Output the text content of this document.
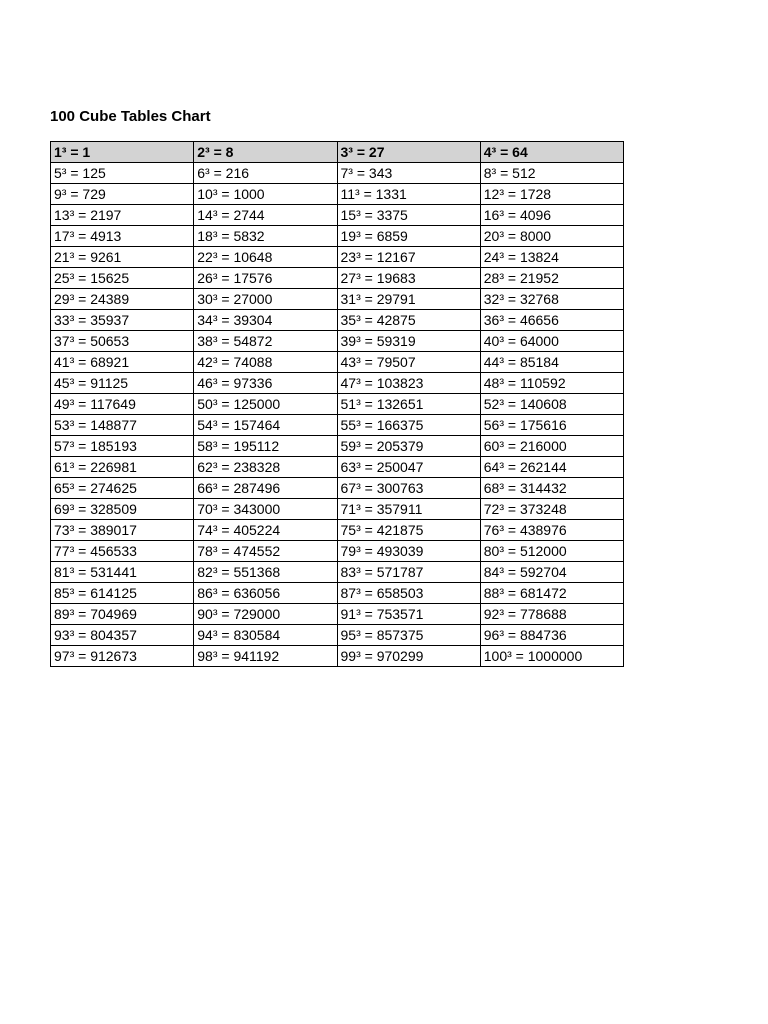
100 Cube Tables Chart
1³ = 1	2³ = 8	3³ = 27	4³ = 64
5³ = 125	6³ = 216	7³ = 343	8³ = 512
9³ = 729	10³ = 1000	11³ = 1331	12³ = 1728
13³ = 2197	14³ = 2744	15³ = 3375	16³ = 4096
17³ = 4913	18³ = 5832	19³ = 6859	20³ = 8000
21³ = 9261	22³ = 10648	23³ = 12167	24³ = 13824
25³ = 15625	26³ = 17576	27³ = 19683	28³ = 21952
29³ = 24389	30³ = 27000	31³ = 29791	32³ = 32768
33³ = 35937	34³ = 39304	35³ = 42875	36³ = 46656
37³ = 50653	38³ = 54872	39³ = 59319	40³ = 64000
41³ = 68921	42³ = 74088	43³ = 79507	44³ = 85184
45³ = 91125	46³ = 97336	47³ = 103823	48³ = 110592
49³ = 117649	50³ = 125000	51³ = 132651	52³ = 140608
53³ = 148877	54³ = 157464	55³ = 166375	56³ = 175616
57³ = 185193	58³ = 195112	59³ = 205379	60³ = 216000
61³ = 226981	62³ = 238328	63³ = 250047	64³ = 262144
65³ = 274625	66³ = 287496	67³ = 300763	68³ = 314432
69³ = 328509	70³ = 343000	71³ = 357911	72³ = 373248
73³ = 389017	74³ = 405224	75³ = 421875	76³ = 438976
77³ = 456533	78³ = 474552	79³ = 493039	80³ = 512000
81³ = 531441	82³ = 551368	83³ = 571787	84³ = 592704
85³ = 614125	86³ = 636056	87³ = 658503	88³ = 681472
89³ = 704969	90³ = 729000	91³ = 753571	92³ = 778688
93³ = 804357	94³ = 830584	95³ = 857375	96³ = 884736
97³ = 912673	98³ = 941192	99³ = 970299	100³ = 1000000
